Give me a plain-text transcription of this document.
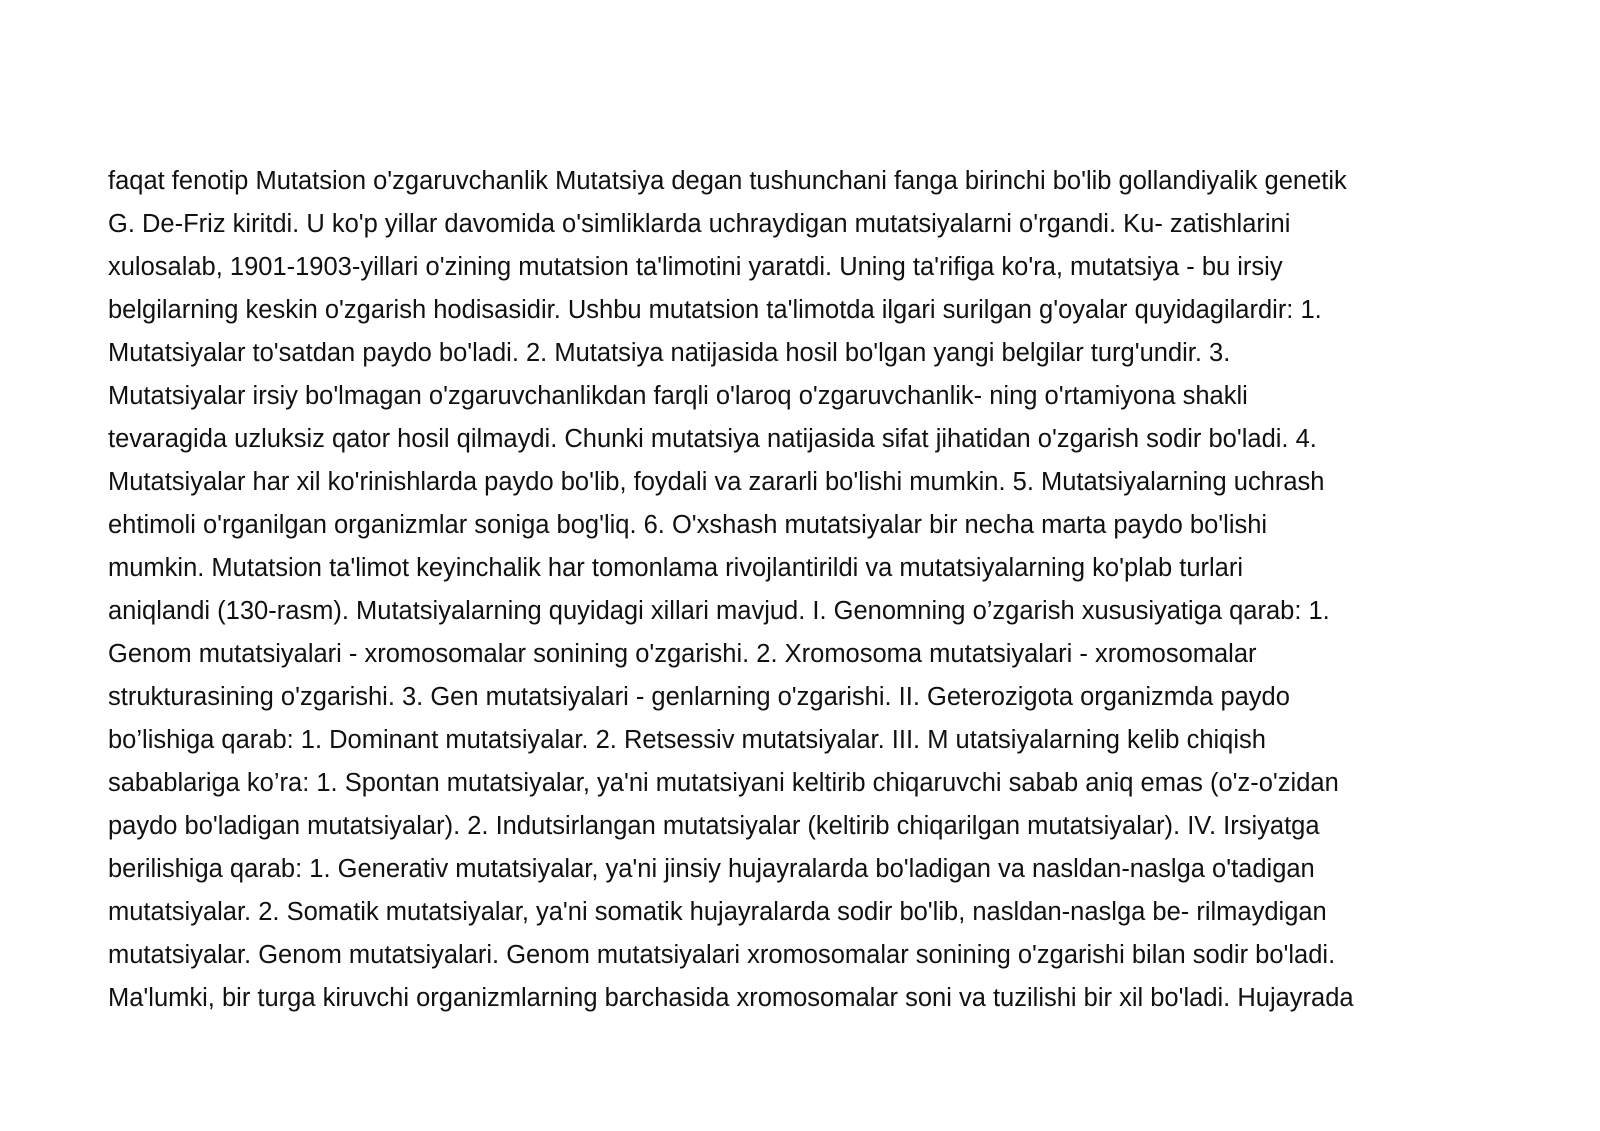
faqat fenotip Mutatsion o'zgaruvchanlik Mutatsiya degan tushunchani fanga birinchi bo'lib gollandiyalik genetik
G. De-Friz kiritdi. U ko'p yillar davomida o'simliklarda uchraydigan mutatsiyalarni o'rgandi. Ku- zatishlarini
xulosalab, 1901-1903-yillari o'zining mutatsion ta'limotini yaratdi. Uning ta'rifiga ko'ra, mutatsiya - bu irsiy
belgilarning keskin o'zgarish hodisasidir. Ushbu mutatsion ta'limotda ilgari surilgan g'oyalar quyidagilardir: 1.
Mutatsiyalar to'satdan paydo bo'ladi. 2. Mutatsiya natijasida hosil bo'lgan yangi belgilar turg'undir. 3.
Mutatsiyalar irsiy bo'lmagan o'zgaruvchanlikdan farqli o'laroq o'zgaruvchanlik- ning o'rtamiyona shakli
tevaragida uzluksiz qator hosil qilmaydi. Chunki mutatsiya natijasida sifat jihatidan o'zgarish sodir bo'ladi. 4.
Mutatsiyalar har xil ko'rinishlarda paydo bo'lib, foydali va zararli bo'lishi mumkin. 5. Mutatsiyalarning uchrash
ehtimoli o'rganilgan organizmlar soniga bog'liq. 6. O'xshash mutatsiyalar bir necha marta paydo bo'lishi
mumkin. Mutatsion ta'limot keyinchalik har tomonlama rivojlantirildi va mutatsiyalarning ko'plab turlari
aniqlandi (130-rasm). Mutatsiyalarning quyidagi xillari mavjud. I. Genomning o’zgarish xususiyatiga qarab: 1.
Genom mutatsiyalari - xromosomalar sonining o'zgarishi. 2. Xromosoma mutatsiyalari - xromosomalar
strukturasining o'zgarishi. 3. Gen mutatsiyalari - genlarning o'zgarishi. II. Geterozigota organizmda paydo
bo’lishiga qarab: 1. Dominant mutatsiyalar. 2. Retsessiv mutatsiyalar. III. M utatsiyalarning kelib chiqish
sabablariga ko’ra: 1. Spontan mutatsiyalar, ya'ni mutatsiyani keltirib chiqaruvchi sabab aniq emas (o'z-o'zidan
paydo bo'ladigan mutatsiyalar). 2. Indutsirlangan mutatsiyalar (keltirib chiqarilgan mutatsiyalar). IV. Irsiyatga
berilishiga qarab: 1. Generativ mutatsiyalar, ya'ni jinsiy hujayralarda bo'ladigan va nasldan-naslga o'tadigan
mutatsiyalar. 2. Somatik mutatsiyalar, ya'ni somatik hujayralarda sodir bo'lib, nasldan-naslga be- rilmaydigan
mutatsiyalar. Genom mutatsiyalari. Genom mutatsiyalari xromosomalar sonining o'zgarishi bilan sodir bo'ladi.
Ma'lumki, bir turga kiruvchi organizmlarning barchasida xromosomalar soni va tuzilishi bir xil bo'ladi. Hujayrada
